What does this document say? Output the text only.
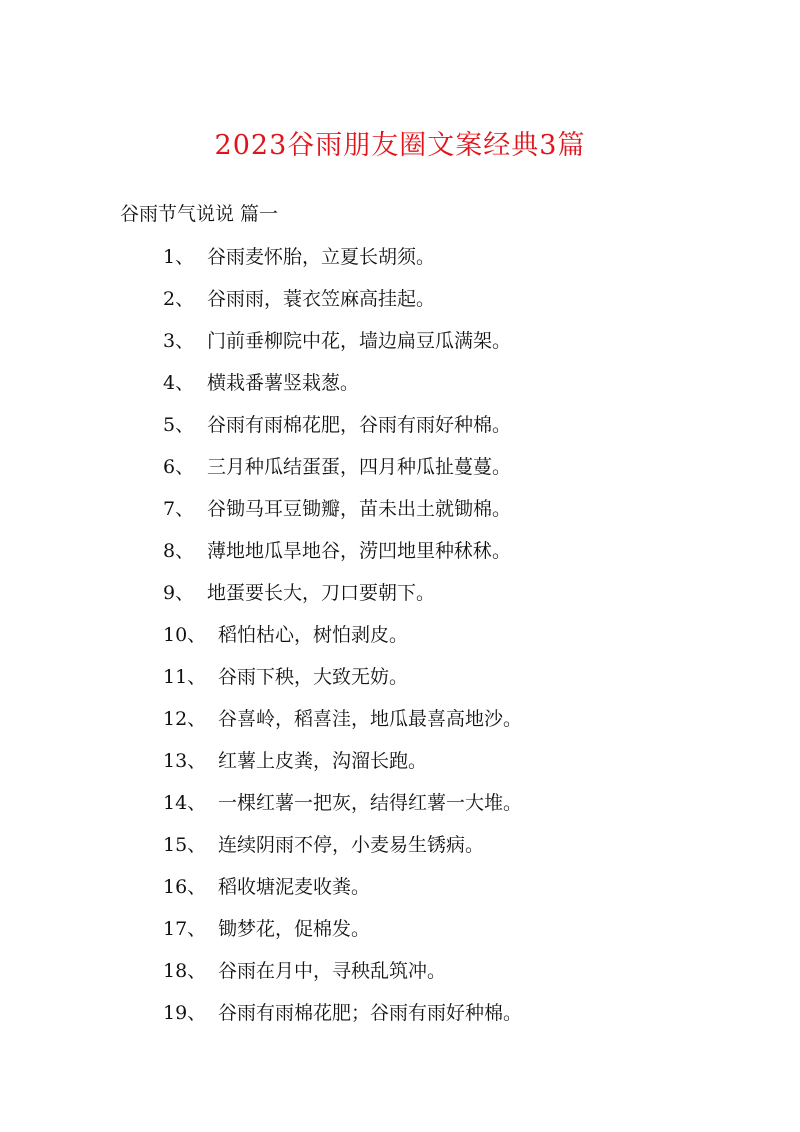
2023谷雨朋友圈文案经典3篇
谷雨节气说说 篇一
1、 谷雨麦怀胎，立夏长胡须。
2、 谷雨雨，蓑衣笠麻高挂起。
3、 门前垂柳院中花，墙边扁豆瓜满架。
4、 横栽番薯竖栽葱。
5、 谷雨有雨棉花肥，谷雨有雨好种棉。
6、 三月种瓜结蛋蛋，四月种瓜扯蔓蔓。
7、 谷锄马耳豆锄瓣，苗未出土就锄棉。
8、 薄地地瓜旱地谷，涝凹地里种秫秫。
9、 地蛋要长大，刀口要朝下。
10、 稻怕枯心，树怕剥皮。
11、 谷雨下秧，大致无妨。
12、 谷喜岭，稻喜洼，地瓜最喜高地沙。
13、 红薯上皮粪，沟溜长跑。
14、 一棵红薯一把灰，结得红薯一大堆。
15、 连续阴雨不停，小麦易生锈病。
16、 稻收塘泥麦收粪。
17、 锄梦花，促棉发。
18、 谷雨在月中，寻秧乱筑冲。
19、 谷雨有雨棉花肥；谷雨有雨好种棉。
